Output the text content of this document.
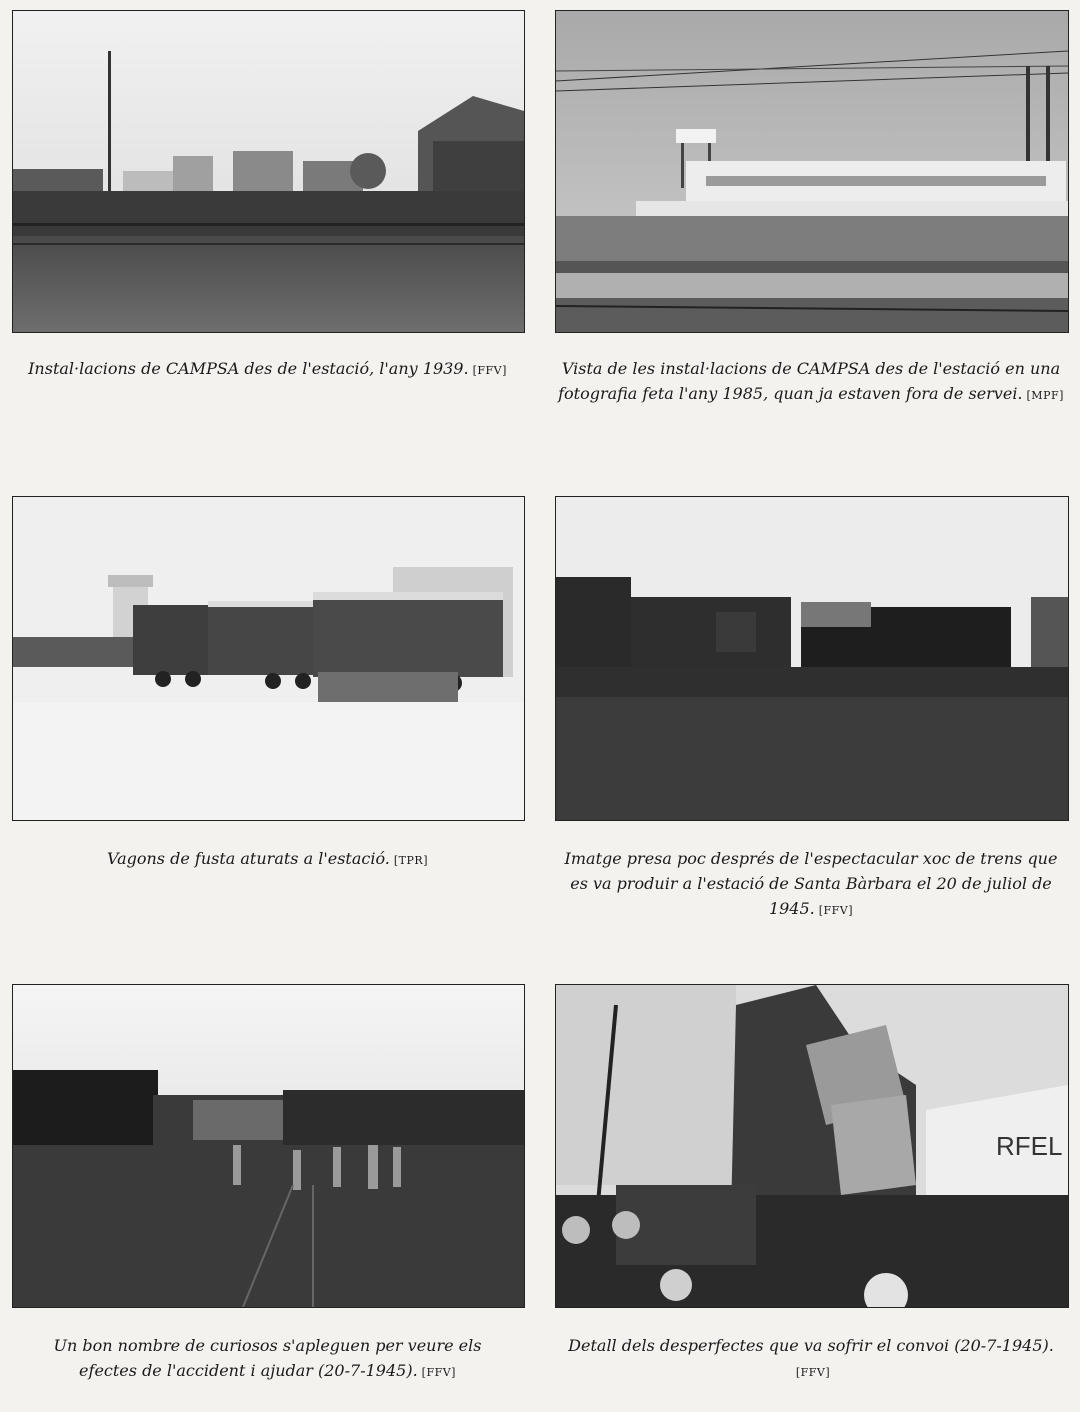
Instal·lacions de CAMPSA des de l'estació, l'any 1939. [FFV]	Vista de les instal·lacions de CAMPSA des de l'estació en una fotografia feta l'any 1985, quan ja estaven fora de servei. [MPF]
Vagons de fusta aturats a l'estació. [TPR]	Imatge presa poc després de l'espectacular xoc de trens que es va produir a l'estació de Santa Bàrbara el 20 de juliol de 1945. [FFV]
Un bon nombre de curiosos s'apleguen per veure els efectes de l'accident i ajudar (20-7-1945). [FFV]
RFEL
Detall dels desperfectes que va sofrir el convoi (20-7-1945).[FFV]
